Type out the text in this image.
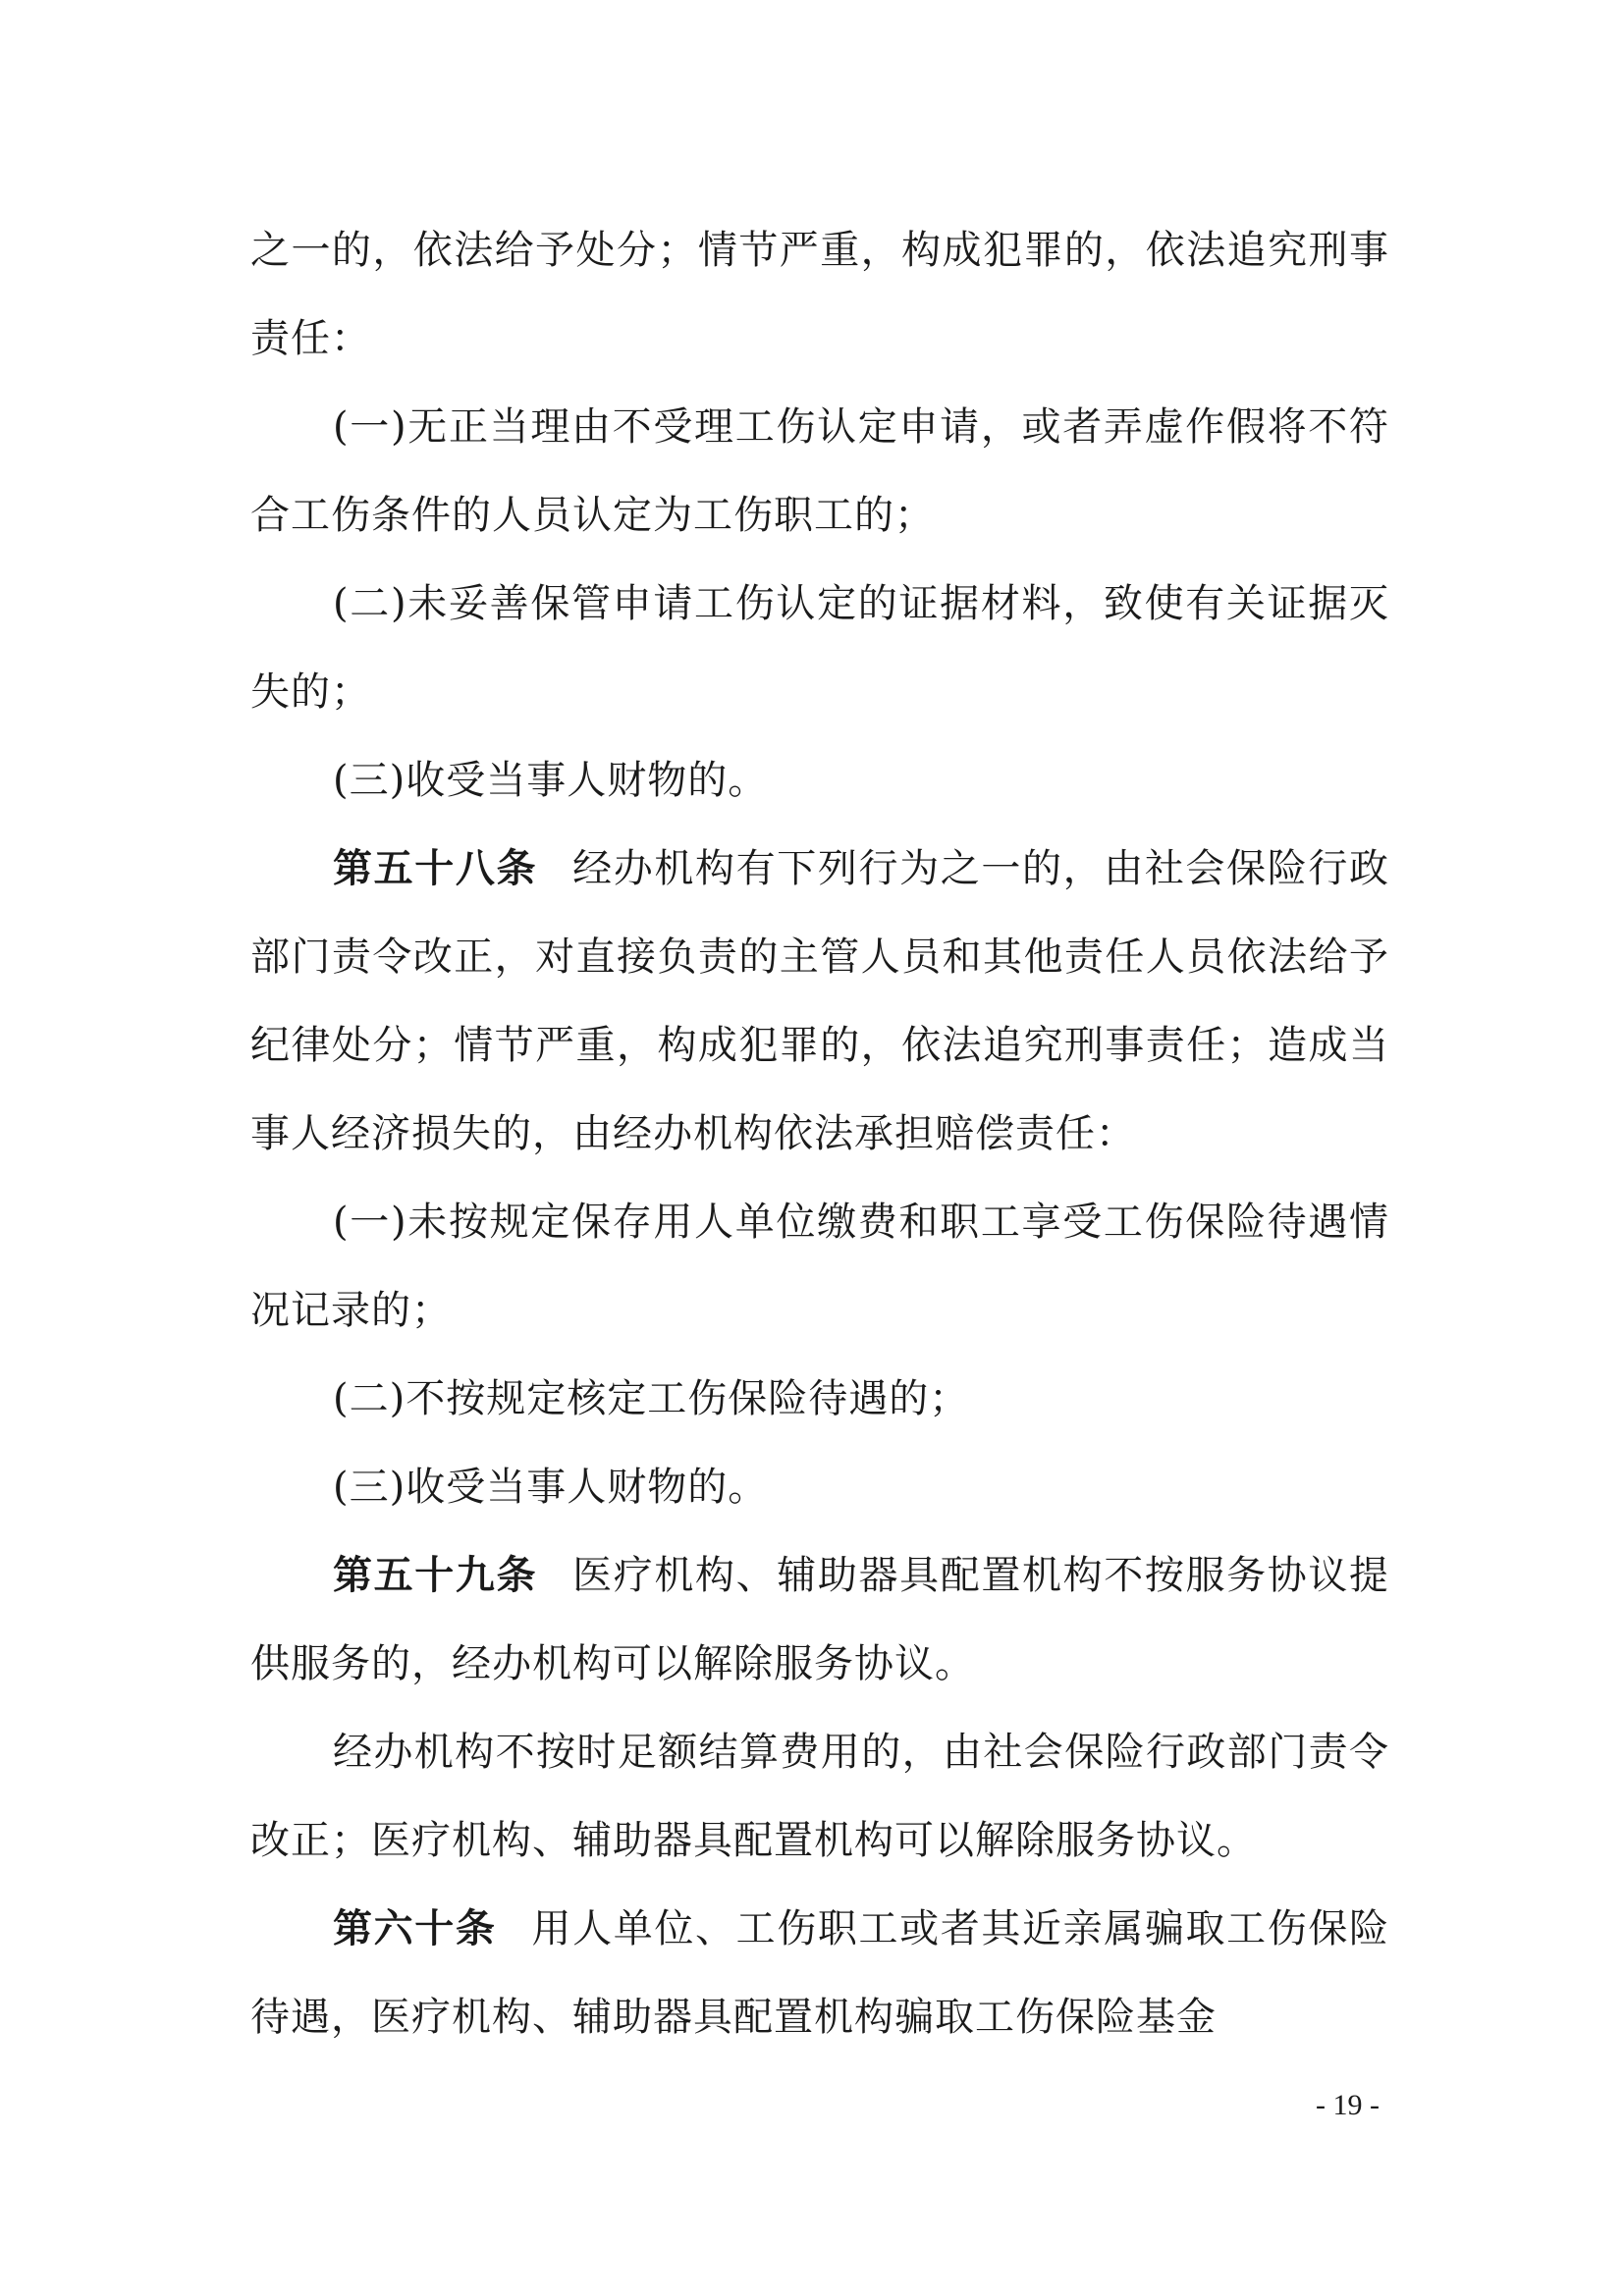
之一的，依法给予处分；情节严重，构成犯罪的，依法追究刑事责任：

(一)无正当理由不受理工伤认定申请，或者弄虚作假将不符合工伤条件的人员认定为工伤职工的；

(二)未妥善保管申请工伤认定的证据材料，致使有关证据灭失的；

(三)收受当事人财物的。

第五十八条 经办机构有下列行为之一的，由社会保险行政部门责令改正，对直接负责的主管人员和其他责任人员依法给予纪律处分；情节严重，构成犯罪的，依法追究刑事责任；造成当事人经济损失的，由经办机构依法承担赔偿责任：

(一)未按规定保存用人单位缴费和职工享受工伤保险待遇情况记录的；

(二)不按规定核定工伤保险待遇的；

(三)收受当事人财物的。

第五十九条 医疗机构、辅助器具配置机构不按服务协议提供服务的，经办机构可以解除服务协议。

经办机构不按时足额结算费用的，由社会保险行政部门责令改正；医疗机构、辅助器具配置机构可以解除服务协议。

第六十条 用人单位、工伤职工或者其近亲属骗取工伤保险待遇，医疗机构、辅助器具配置机构骗取工伤保险基金

- 19 -
